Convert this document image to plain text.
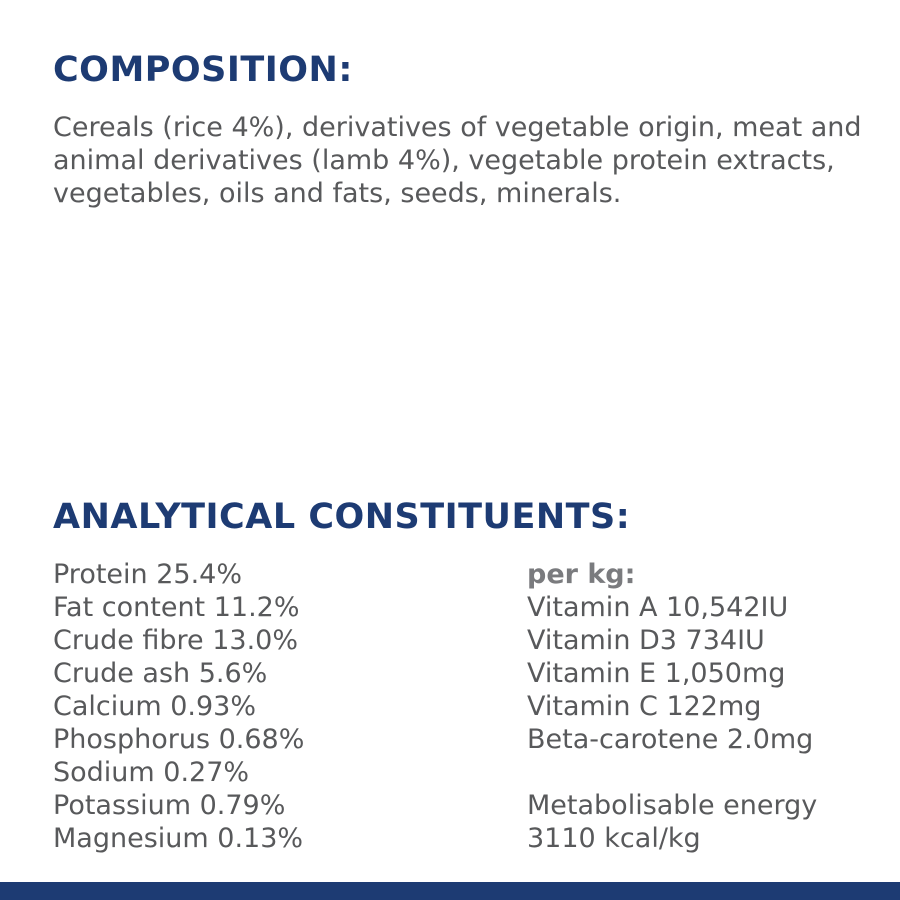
COMPOSITION:

Cereals (rice 4%), derivatives of vegetable origin, meat and animal derivatives (lamb 4%), vegetable protein extracts, vegetables, oils and fats, seeds, minerals.

ANALYTICAL CONSTITUENTS:
Protein 25.4%
Fat content 11.2%
Crude fibre 13.0%
Crude ash 5.6%
Calcium 0.93%
Phosphorus 0.68%
Sodium 0.27%
Potassium 0.79%
Magnesium 0.13%
per kg:
Vitamin A 10,542IU
Vitamin D3 734IU
Vitamin E 1,050mg
Vitamin C 122mg
Beta-carotene 2.0mg
Metabolisable energy
3110 kcal/kg
